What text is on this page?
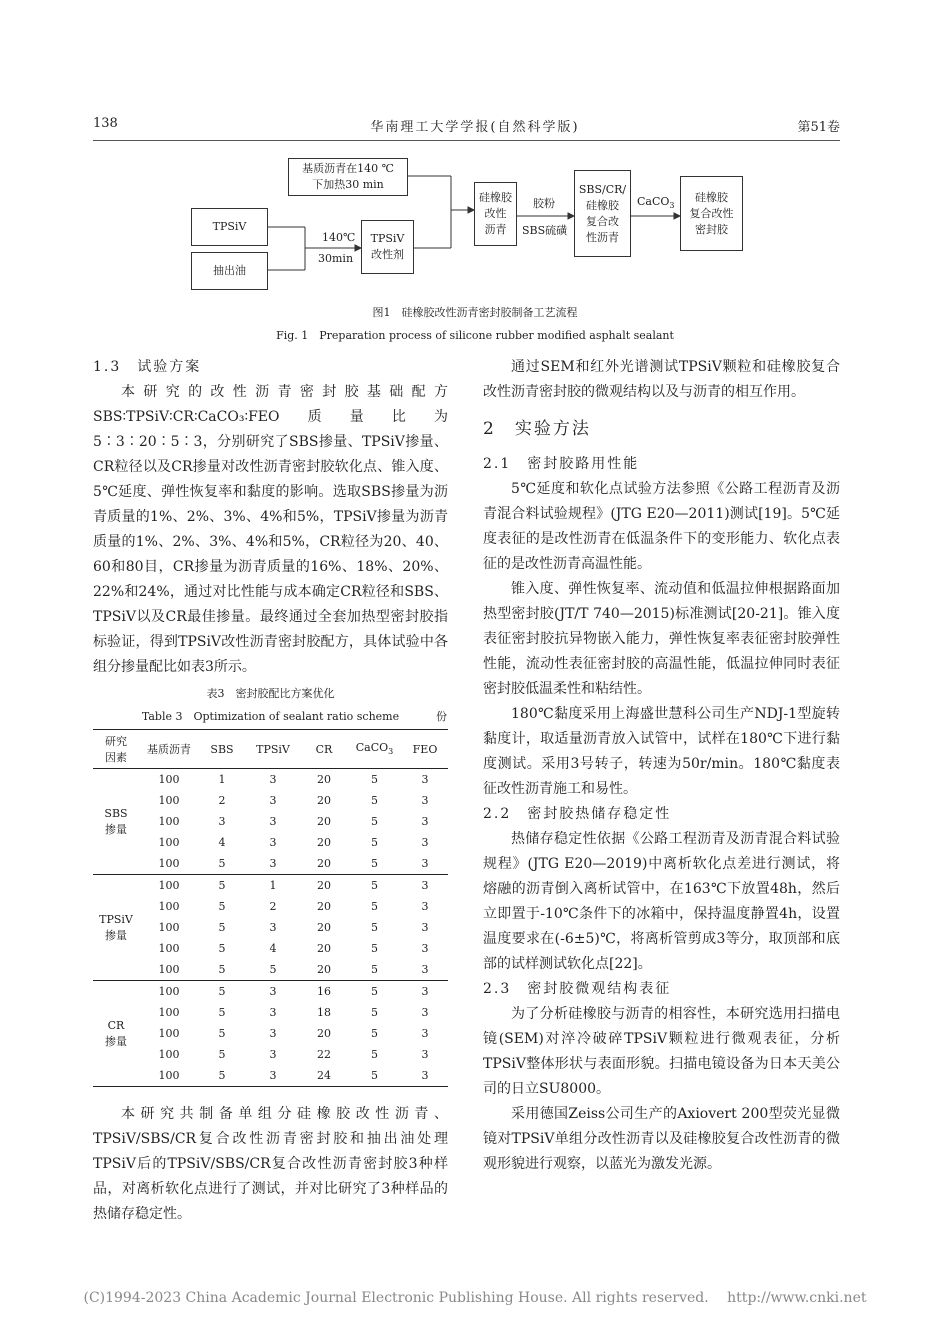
138	华南理工大学学报(自然科学版)	第51卷
基质沥青在140 ℃
下加热30 min
TPSiV
抽出油
140℃
30min
TPSiV
改性剂
硅橡胶
改性
沥青
胶粉
SBS硫磺
SBS/CR/
硅橡胶
复合改
性沥青
CaCO$_3$
硅橡胶
复合改性
密封胶
图1　硅橡胶改性沥青密封胶制备工艺流程
Fig. 1　Preparation process of silicone rubber modified asphalt sealant
1.3　试验方案

本研究的改性沥青密封胶基础配方SBS∶TPSiV∶CR∶CaCO₃∶FEO质量比为5∶3∶20∶5∶3，分别研究了SBS掺量、TPSiV掺量、CR粒径以及CR掺量对改性沥青密封胶软化点、锥入度、5℃延度、弹性恢复率和黏度的影响。选取SBS掺量为沥青质量的1%、2%、3%、4%和5%，TPSiV掺量为沥青质量的1%、2%、3%、4%和5%，CR粒径为20、40、60和80目，CR掺量为沥青质量的16%、18%、20%、22%和24%，通过对比性能与成本确定CR粒径和SBS、TPSiV以及CR最佳掺量。最终通过全套加热型密封胶指标验证，得到TPSiV改性沥青密封胶配方，具体试验中各组分掺量配比如表3所示。

表3　密封胶配比方案优化
Table 3　Optimization of sealant ratio scheme	份
研究
因素	基质沥青	SBS	TPSiV	CR	CaCO$_3$	FEO
SBS
掺量	100	1	3	20	5	3
	100	2	3	20	5	3
	100	3	3	20	5	3
	100	4	3	20	5	3
	100	5	3	20	5	3
TPSiV
掺量	100	5	1	20	5	3
	100	5	2	20	5	3
	100	5	3	20	5	3
	100	5	4	20	5	3
	100	5	5	20	5	3
CR
掺量	100	5	3	16	5	3
	100	5	3	18	5	3
	100	5	3	20	5	3
	100	5	3	22	5	3
	100	5	3	24	5	3

本研究共制备单组分硅橡胶改性沥青、TPSiV/SBS/CR复合改性沥青密封胶和抽出油处理TPSiV后的TPSiV/SBS/CR复合改性沥青密封胶3种样品，对离析软化点进行了测试，并对比研究了3种样品的热储存稳定性。

通过SEM和红外光谱测试TPSiV颗粒和硅橡胶复合改性沥青密封胶的微观结构以及与沥青的相互作用。

2　实验方法
2.1　密封胶路用性能

5℃延度和软化点试验方法参照《公路工程沥青及沥青混合料试验规程》(JTG E20—2011)测试[19]。5℃延度表征的是改性沥青在低温条件下的变形能力、软化点表征的是改性沥青高温性能。

锥入度、弹性恢复率、流动值和低温拉伸根据路面加热型密封胶(JT/T 740—2015)标准测试[20-21]。锥入度表征密封胶抗异物嵌入能力，弹性恢复率表征密封胶弹性性能，流动性表征密封胶的高温性能，低温拉伸同时表征密封胶低温柔性和粘结性。

180℃黏度采用上海盛世慧科公司生产NDJ-1型旋转黏度计，取适量沥青放入试管中，试样在180℃下进行黏度测试。采用3号转子，转速为50r/min。180℃黏度表征改性沥青施工和易性。

2.2　密封胶热储存稳定性

热储存稳定性依据《公路工程沥青及沥青混合料试验规程》(JTG E20—2019)中离析软化点差进行测试，将熔融的沥青倒入离析试管中，在163℃下放置48h，然后立即置于-10℃条件下的冰箱中，保持温度静置4h，设置温度要求在(-6±5)℃，将离析管剪成3等分，取顶部和底部的试样测试软化点[22]。

2.3　密封胶微观结构表征

为了分析硅橡胶与沥青的相容性，本研究选用扫描电镜(SEM)对淬冷破碎TPSiV颗粒进行微观表征，分析TPSiV整体形状与表面形貌。扫描电镜设备为日本天美公司的日立SU8000。

采用德国Zeiss公司生产的Axiovert 200型荧光显微镜对TPSiV单组分改性沥青以及硅橡胶复合改性沥青的微观形貌进行观察，以蓝光为激发光源。

(C)1994-2023 China Academic Journal Electronic Publishing House. All rights reserved.　 http://www.cnki.net
